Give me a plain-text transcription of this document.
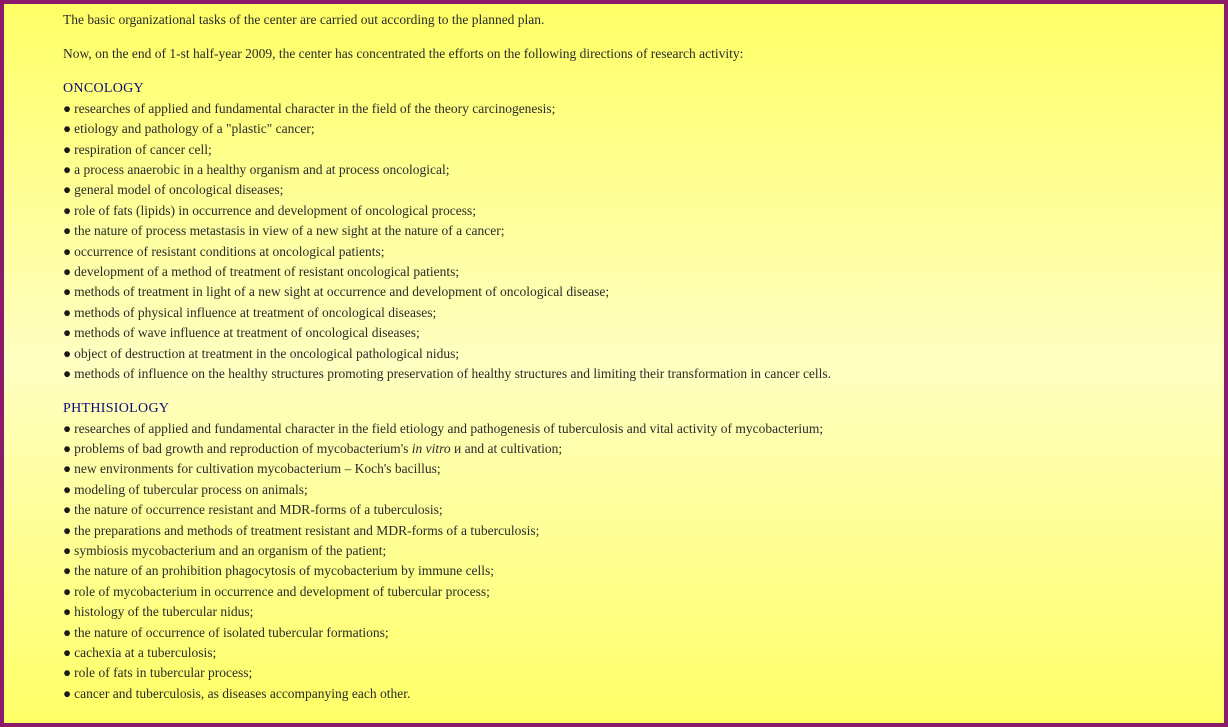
The basic organizational tasks of the center are carried out according to the planned plan.

Now, on the end of 1-st half-year 2009, the center has concentrated the efforts on the following directions of research activity:

ONCOLOGY
● researches of applied and fundamental character in the field of the theory carcinogenesis;
● etiology and pathology of a "plastic" cancer;
● respiration of cancer cell;
● a process anaerobic in a healthy organism and at process oncological;
● general model of oncological diseases;
● role of fats (lipids) in occurrence and development of oncological process;
● the nature of process metastasis in view of a new sight at the nature of a cancer;
● occurrence of resistant conditions at oncological patients;
● development of a method of treatment of resistant oncological patients;
● methods of treatment in light of a new sight at occurrence and development of oncological disease;
● methods of physical influence at treatment of oncological diseases;
● methods of wave influence at treatment of oncological diseases;
● object of destruction at treatment in the oncological pathological nidus;
● methods of influence on the healthy structures promoting preservation of healthy structures and limiting their transformation in cancer cells.
PHTHISIOLOGY
● researches of applied and fundamental character in the field etiology and pathogenesis of tuberculosis and vital activity of mycobacterium;
● problems of bad growth and reproduction of mycobacterium's in vitro и and at cultivation;
● new environments for cultivation mycobacterium – Koch's bacillus;
● modeling of tubercular process on animals;
● the nature of occurrence resistant and MDR-forms of a tuberculosis;
● the preparations and methods of treatment resistant and MDR-forms of a tuberculosis;
● symbiosis mycobacterium and an organism of the patient;
● the nature of an prohibition phagocytosis of mycobacterium by immune cells;
● role of mycobacterium in occurrence and development of tubercular process;
● histology of the tubercular nidus;
● the nature of occurrence of isolated tubercular formations;
● cachexia at a tuberculosis;
● role of fats in tubercular process;
● cancer and tuberculosis, as diseases accompanying each other.
